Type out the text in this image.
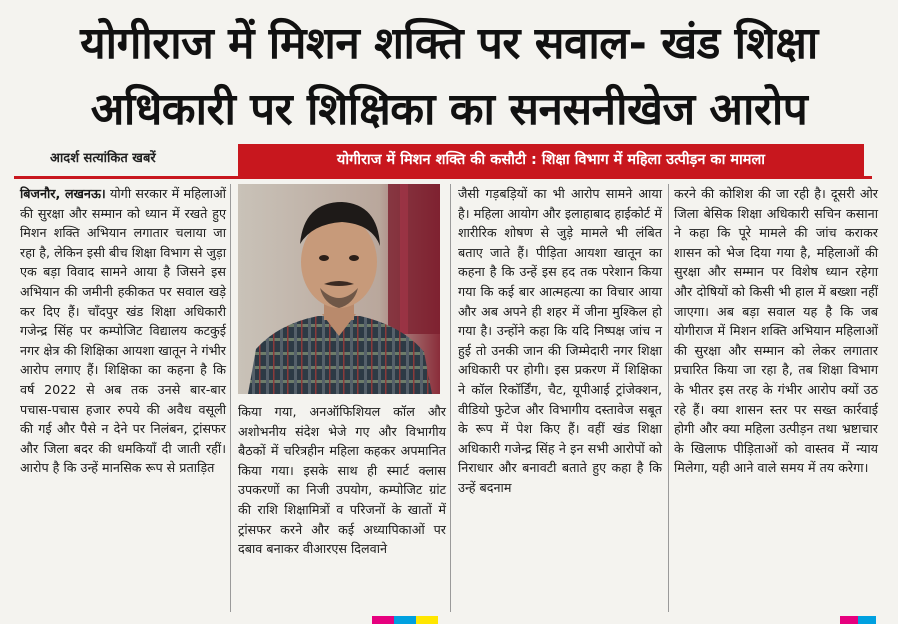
योगीराज में मिशन शक्ति पर सवाल- खंड शिक्षा
अधिकारी पर शिक्षिका का सनसनीखेज आरोप
आदर्श सत्यांकित खबरें	योगीराज में मिशन शक्ति की कसौटी : शिक्षा विभाग में महिला उत्पीड़न का मामला
बिजनौर, लखनऊ। योगी सरकार में महिलाओं की सुरक्षा और सम्मान को ध्यान में रखते हुए मिशन शक्ति अभियान लगातार चलाया जा रहा है, लेकिन इसी बीच शिक्षा विभाग से जुड़ा एक बड़ा विवाद सामने आया है जिसने इस अभियान की जमीनी हकीकत पर सवाल खड़े कर दिए हैं। चाँदपुर खंड शिक्षा अधिकारी गजेन्द्र सिंह पर कम्पोजिट विद्यालय कटकुई नगर क्षेत्र की शिक्षिका आयशा खातून ने गंभीर आरोप लगाए हैं। शिक्षिका का कहना है कि वर्ष 2022 से अब तक उनसे बार-बार पचास-पचास हजार रुपये की अवैध वसूली की गई और पैसे न देने पर निलंबन, ट्रांसफर और जिला बदर की धमकियाँ दी जाती रहीं। आरोप है कि उन्हें मानसिक रूप से प्रताड़ित
किया गया, अनऑफिशियल कॉल और अशोभनीय संदेश भेजे गए और विभागीय बैठकों में चरित्रहीन महिला कहकर अपमानित किया गया। इसके साथ ही स्मार्ट क्लास उपकरणों का निजी उपयोग, कम्पोजिट ग्रांट की राशि शिक्षामित्रों व परिजनों के खातों में ट्रांसफर करने और कई अध्यापिकाओं पर दबाव बनाकर वीआरएस दिलवाने
जैसी गड़बड़ियों का भी आरोप सामने आया है। महिला आयोग और इलाहाबाद हाईकोर्ट में शारीरिक शोषण से जुड़े मामले भी लंबित बताए जाते हैं। पीड़िता आयशा खातून का कहना है कि उन्हें इस हद तक परेशान किया गया कि कई बार आत्महत्या का विचार आया और अब अपने ही शहर में जीना मुश्किल हो गया है। उन्होंने कहा कि यदि निष्पक्ष जांच न हुई तो उनकी जान की जिम्मेदारी नगर शिक्षा अधिकारी पर होगी। इस प्रकरण में शिक्षिका ने कॉल रिकॉर्डिंग, चैट, यूपीआई ट्रांजेक्शन, वीडियो फुटेज और विभागीय दस्तावेज सबूत के रूप में पेश किए हैं। वहीं खंड शिक्षा अधिकारी गजेन्द्र सिंह ने इन सभी आरोपों को निराधार और बनावटी बताते हुए कहा है कि उन्हें बदनाम
करने की कोशिश की जा रही है। दूसरी ओर जिला बेसिक शिक्षा अधिकारी सचिन कसाना ने कहा कि पूरे मामले की जांच कराकर शासन को भेज दिया गया है, महिलाओं की सुरक्षा और सम्मान पर विशेष ध्यान रहेगा और दोषियों को किसी भी हाल में बख्शा नहीं जाएगा। अब बड़ा सवाल यह है कि जब योगीराज में मिशन शक्ति अभियान महिलाओं की सुरक्षा और सम्मान को लेकर लगातार प्रचारित किया जा रहा है, तब शिक्षा विभाग के भीतर इस तरह के गंभीर आरोप क्यों उठ रहे हैं। क्या शासन स्तर पर सख्त कार्रवाई होगी और क्या महिला उत्पीड़न तथा भ्रष्टाचार के खिलाफ पीड़िताओं को वास्तव में न्याय मिलेगा, यही आने वाले समय में तय करेगा।
